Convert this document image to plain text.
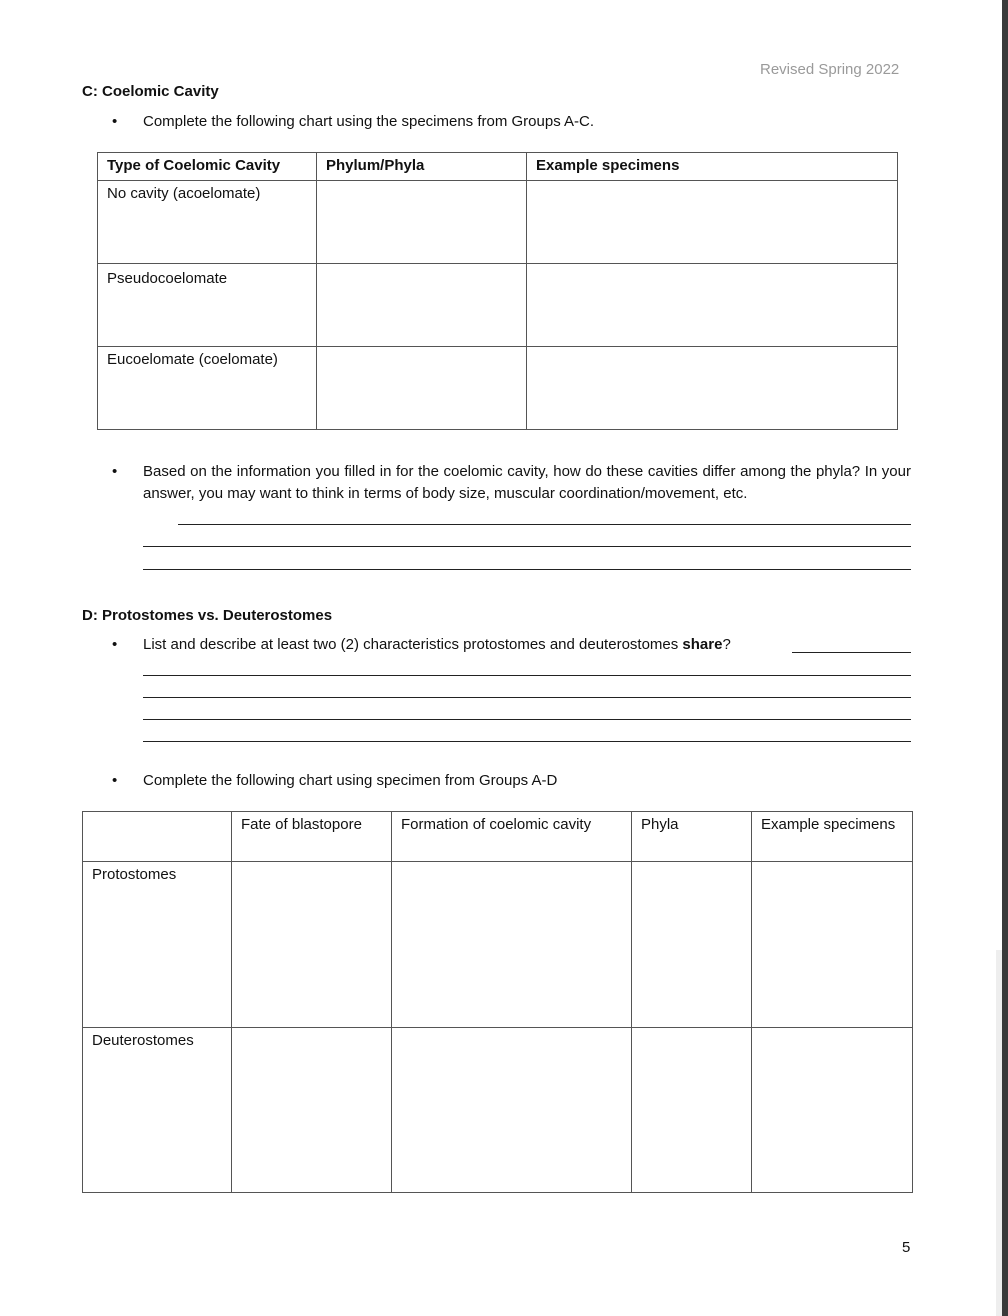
Revised Spring 2022
C: Coelomic Cavity
• Complete the following chart using the specimens from Groups A-C.
Type of Coelomic Cavity	Phylum/Phyla	Example specimens
No cavity (acoelomate)		
Pseudocoelomate		
Eucoelomate (coelomate)		
• Based on the information you filled in for the coelomic cavity, how do these cavities differ among the phyla? In your answer, you may want to think in terms of body size, muscular coordination/movement, etc.
D: Protostomes vs. Deuterostomes
• List and describe at least two (2) characteristics protostomes and deuterostomes share?
• Complete the following chart using specimen from Groups A-D
	Fate of blastopore	Formation of coelomic cavity	Phyla	Example specimens
Protostomes				
Deuterostomes				
5
